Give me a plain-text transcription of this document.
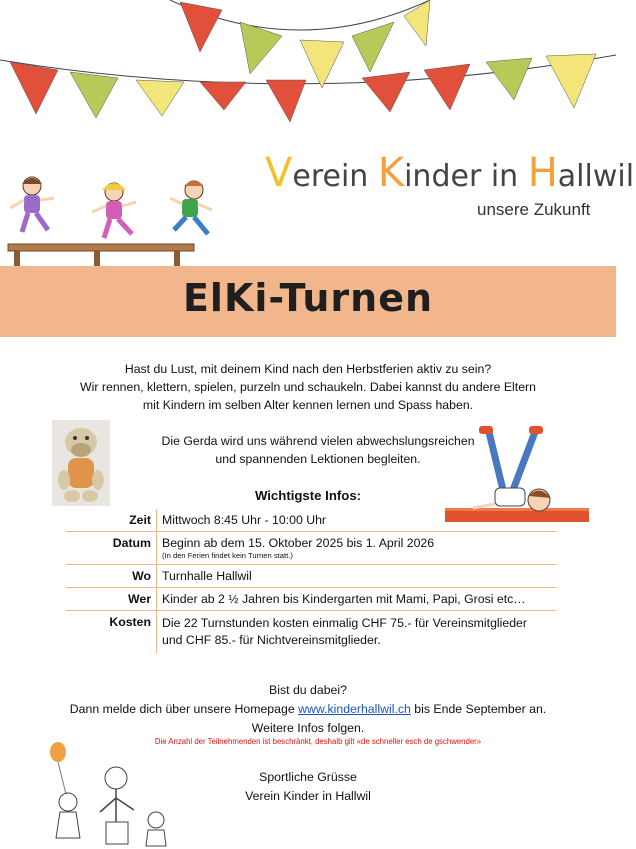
Verein Kinder in Hallwil
unsere Zukunft
ElKi-Turnen
Hast du Lust, mit deinem Kind nach den Herbstferien aktiv zu sein?
Wir rennen, klettern, spielen, purzeln und schaukeln. Dabei kannst du andere Eltern
mit Kindern im selben Alter kennen lernen und Spass haben.
Die Gerda wird uns während vielen abwechslungsreichen
und spannenden Lektionen begleiten.
Wichtigste Infos:
Zeit	Mittwoch 8:45 Uhr - 10:00 Uhr
Datum	Beginn ab dem 15. Oktober 2025 bis 1. April 2026
(In den Ferien findet kein Turnen statt.)

Wo	Turnhalle Hallwil
Wer	Kinder ab 2 ½ Jahren bis Kindergarten mit Mami, Papi, Grosi etc…
Kosten	Die 22 Turnstunden kosten einmalig CHF 75.- für Vereinsmitglieder
und CHF 85.- für Nichtvereinsmitglieder.
Bist du dabei?
Dann melde dich über unsere Homepage www.kinderhallwil.ch bis Ende September an.
Weitere Infos folgen.
Die Anzahl der Teilnehmenden ist beschränkt, deshalb gilt «de schneller esch de gschwender»
Sportliche Grüsse
Verein Kinder in Hallwil
